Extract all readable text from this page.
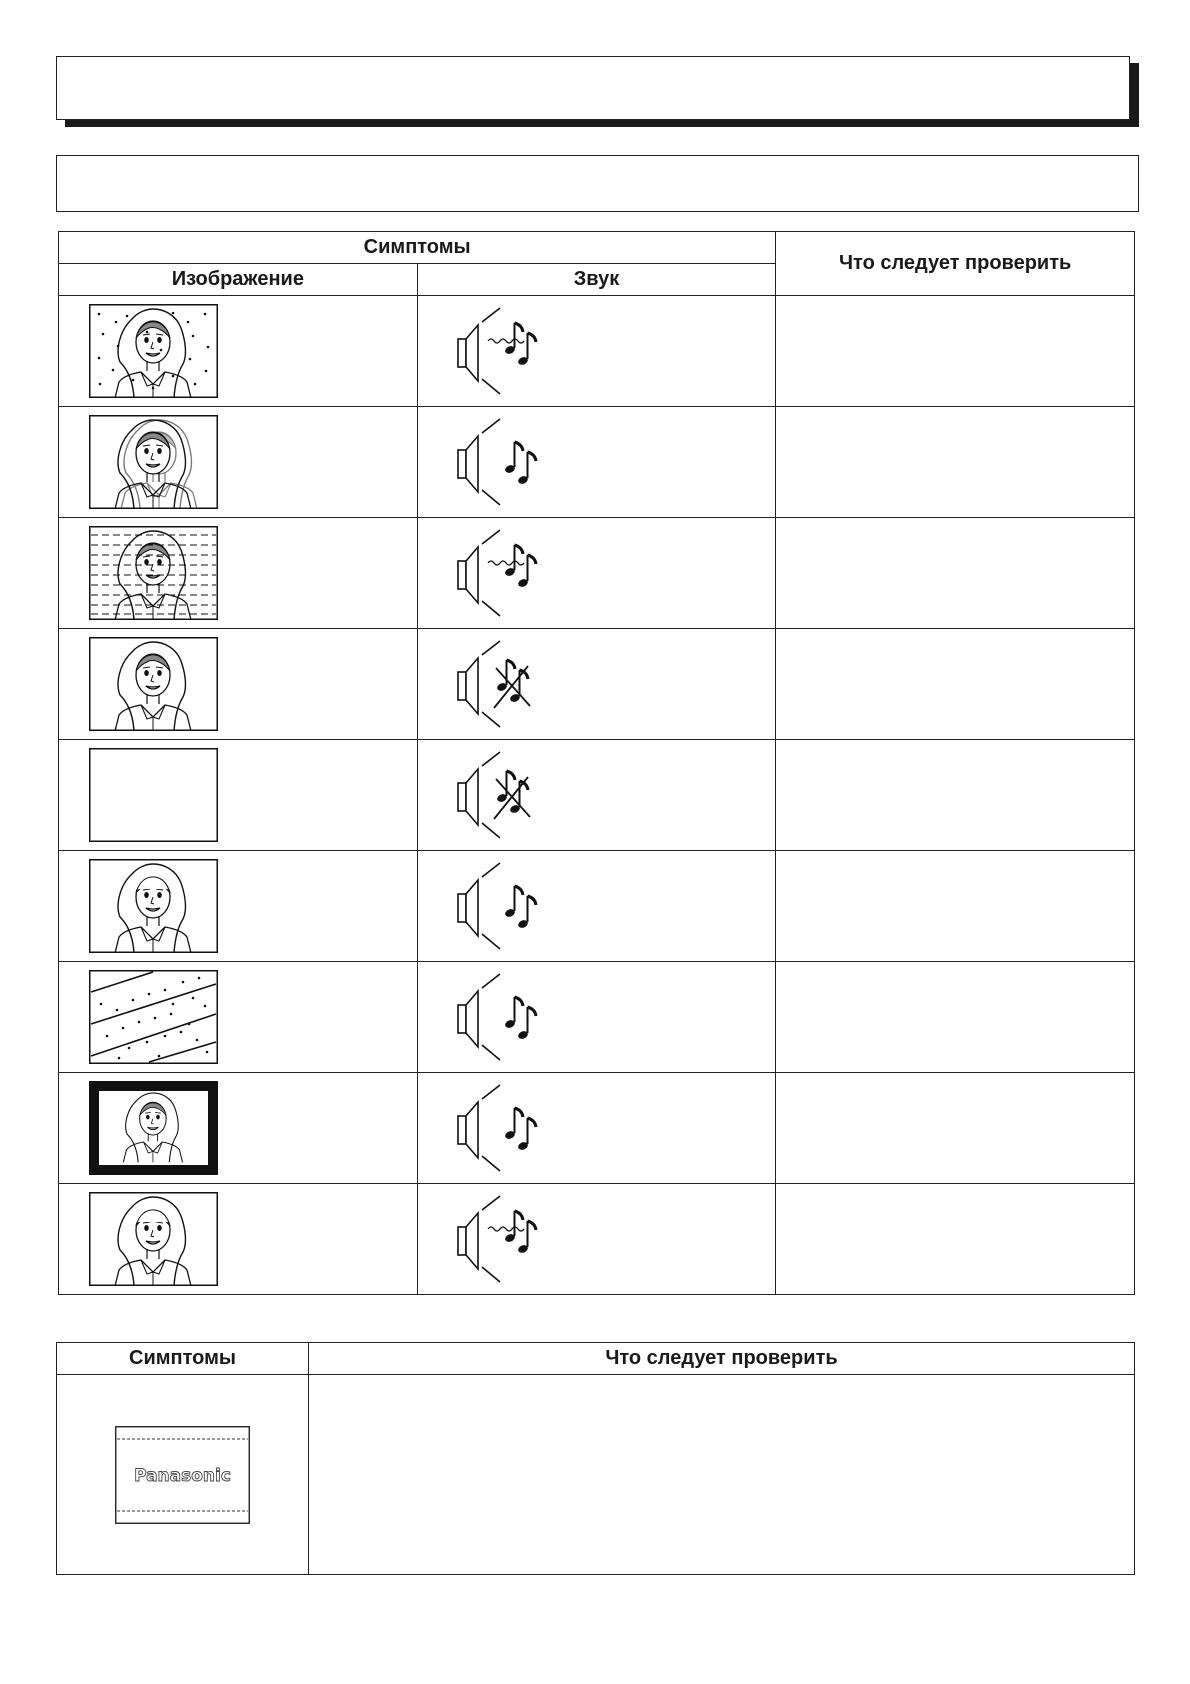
Симптомы		Что следует проверить
Изображение	Звук	

Симптомы	Что следует проверить

Panasonic	
